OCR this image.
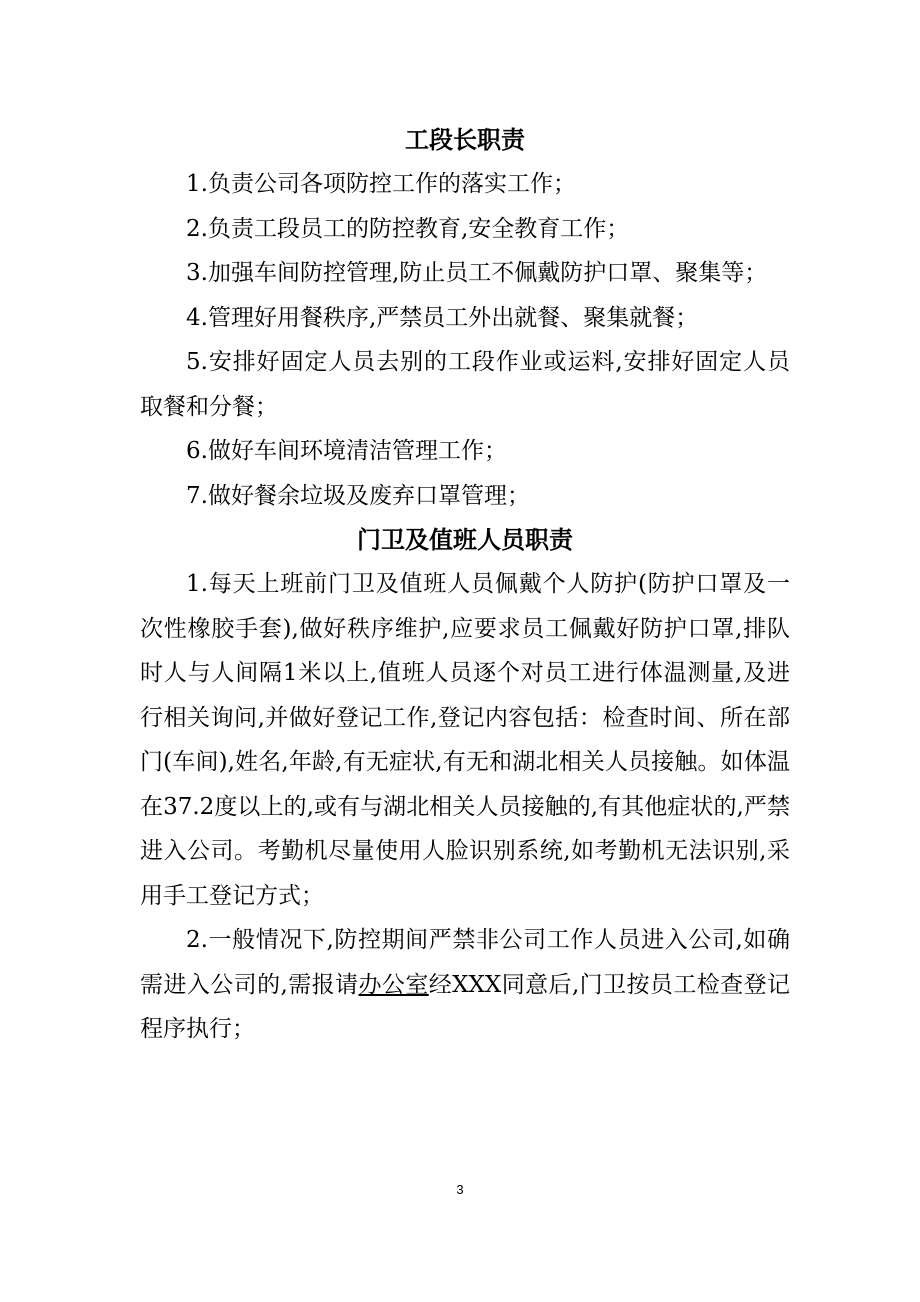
工段长职责

1.负责公司各项防控工作的落实工作；

2.负责工段员工的防控教育,安全教育工作；

3.加强车间防控管理,防止员工不佩戴防护口罩、聚集等；

4.管理好用餐秩序,严禁员工外出就餐、聚集就餐；

5.安排好固定人员去别的工段作业或运料,安排好固定人员取餐和分餐；

6.做好车间环境清洁管理工作；

7.做好餐余垃圾及废弃口罩管理；

门卫及值班人员职责

1.每天上班前门卫及值班人员佩戴个人防护(防护口罩及一次性橡胶手套),做好秩序维护,应要求员工佩戴好防护口罩,排队时人与人间隔1米以上,值班人员逐个对员工进行体温测量,及进行相关询问,并做好登记工作,登记内容包括：检查时间、所在部门(车间),姓名,年龄,有无症状,有无和湖北相关人员接触。如体温在37.2度以上的,或有与湖北相关人员接触的,有其他症状的,严禁进入公司。考勤机尽量使用人脸识别系统,如考勤机无法识别,采用手工登记方式；

2.一般情况下,防控期间严禁非公司工作人员进入公司,如确需进入公司的,需报请办公室经XXX同意后,门卫按员工检查登记程序执行；

3
